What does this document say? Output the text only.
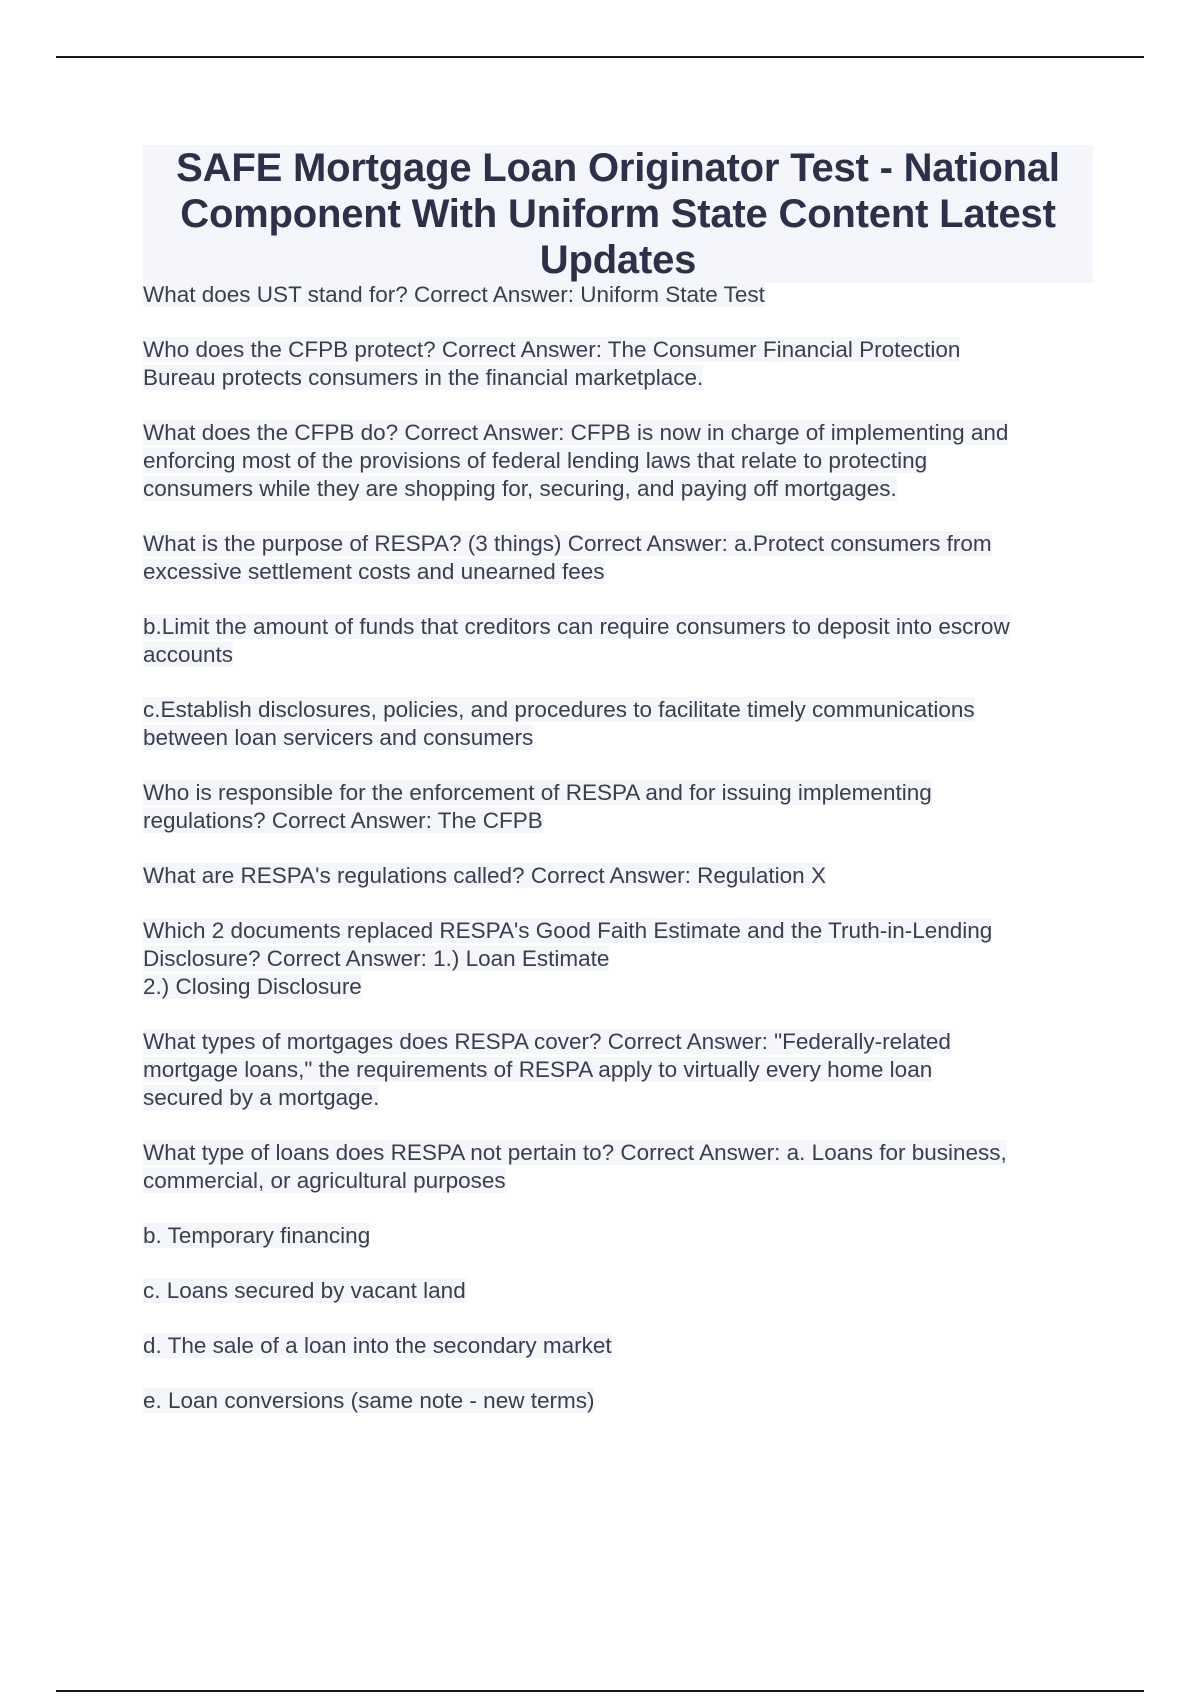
SAFE Mortgage Loan Originator Test - National Component With Uniform State Content Latest Updates

What does UST stand for? Correct Answer: Uniform State Test

Who does the CFPB protect? Correct Answer: The Consumer Financial Protection
Bureau protects consumers in the financial marketplace.

What does the CFPB do? Correct Answer: CFPB is now in charge of implementing and
enforcing most of the provisions of federal lending laws that relate to protecting
consumers while they are shopping for, securing, and paying off mortgages.

What is the purpose of RESPA? (3 things) Correct Answer: a.Protect consumers from
excessive settlement costs and unearned fees

b.Limit the amount of funds that creditors can require consumers to deposit into escrow
accounts

c.Establish disclosures, policies, and procedures to facilitate timely communications
between loan servicers and consumers

Who is responsible for the enforcement of RESPA and for issuing implementing
regulations? Correct Answer: The CFPB

What are RESPA's regulations called? Correct Answer: Regulation X

Which 2 documents replaced RESPA's Good Faith Estimate and the Truth-in-Lending
Disclosure? Correct Answer: 1.) Loan Estimate
2.) Closing Disclosure

What types of mortgages does RESPA cover? Correct Answer: "Federally-related
mortgage loans," the requirements of RESPA apply to virtually every home loan
secured by a mortgage.

What type of loans does RESPA not pertain to? Correct Answer: a. Loans for business,
commercial, or agricultural purposes

b. Temporary financing

c. Loans secured by vacant land

d. The sale of a loan into the secondary market

e. Loan conversions (same note - new terms)
